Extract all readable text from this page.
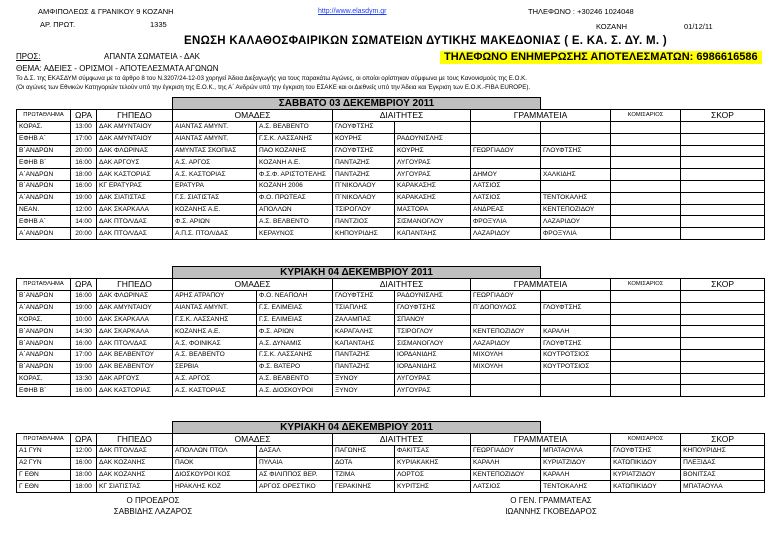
ΑΜΦΙΠΟΛΕΩΣ & ΓΡΑΝΙΚΟΥ 9 ΚΟΖΑΝΗ	http://www.elasdym.gr	ΤΗΛΕΦΩΝΟ : +30246 1024048
ΑΡ. ΠΡΩΤ.	1335	ΚΟΖΑΝΗ	01/12/11
ΕΝΩΣΗ ΚΑΛΑΘΟΣΦΑΙΡΙΚΩΝ ΣΩΜΑΤΕΙΩΝ ΔΥΤΙΚΗΣ ΜΑΚΕΔΟΝΙΑΣ ( Ε. ΚΑ. Σ. ΔΥ. Μ. )
ΠΡΟΣ:	ΑΠΑΝΤΑ ΣΩΜΑΤΕΙΑ - ΔΑΚ	ΤΗΛΕΦΩΝΟ ΕΝΗΜΕΡΩΣΗΣ ΑΠΟΤΕΛΕΣΜΑΤΩΝ: 6986616586
ΘΕΜΑ: ΑΔΕΙΕΣ - ΟΡΙΣΜΟΙ - ΑΠΟΤΕΛΕΣΜΑΤΑ ΑΓΩΝΩΝ
Το Δ.Σ. της ΕΚΑΣΔΥΜ σύμφωνα με τα άρθρο 8 του Ν.3207/24-12-03 χορηγεί Άδεια Διεξαγωγής για τους παρακάτω Αγώνες, οι οποίοι ορίστηκαν σύμφωνα με τους Κανονισμούς της Ε.Ο.Κ.
(Οι αγώνες των Εθνικών Κατηγοριών τελούν υπό την έγκριση της Ε.Ο.Κ., της Α΄ Ανδρών υπό την έγκριση του ΕΣΑΚΕ και οι Διεθνείς υπό την Άδεια και Έγκριση των Ε.Ο.Κ.-FIBA EUROPE).
			ΣΑΒΒΑΤΟ 03 ΔΕΚΕΜΒΡΙΟΥ 2011							
ΠΡΩΤΑΘΛΗΜΑ	ΩΡΑ	ΓΗΠΕΔΟ	ΟΜΑΔΕΣ		ΔΙΑΙΤΗΤΕΣ		ΓΡΑΜΜΑΤΕΙΑ		ΚΟΜΙΣΑΡΙΟΣ	ΣΚΟΡ
ΚΟΡΑΣ.	13:00	ΔΑΚ ΑΜΥΝΤΑΙΟΥ	ΑΙΑΝΤΑΣ ΑΜΥΝΤ.	Α.Σ. ΒΕΛΒΕΝΤΟ	ΓΛΟΥΦΤΣΗΣ					
ΕΦΗΒ Α΄	17:00	ΔΑΚ ΑΜΥΝΤΑΙΟΥ	ΑΙΑΝΤΑΣ ΑΜΥΝΤ.	Γ.Σ.Κ. ΛΑΣΣΑΝΗΣ	ΚΟΥΡΗΣ	ΡΑΔΟΥΝΙΣΛΗΣ				
Β΄ΑΝΔΡΩΝ	20:00	ΔΑΚ ΦΛΩΡΙΝΑΣ	ΑΜΥΝΤΑΣ ΣΚΟΠΙΑΣ	ΠΑΟ ΚΟΖΑΝΗΣ	ΓΛΟΥΦΤΣΗΣ	ΚΟΥΡΗΣ	ΓΕΩΡΓΙΑΔΟΥ	ΓΛΟΥΦΤΣΗΣ		
ΕΦΗΒ Β΄	16:00	ΔΑΚ ΑΡΓΟΥΣ	Α.Σ. ΑΡΓΟΣ	ΚΟΖΑΝΗ Α.Ε.	ΠΑΝΤΑΖΗΣ	ΛΥΓΟΥΡΑΣ				
Α΄ΑΝΔΡΩΝ	18:00	ΔΑΚ ΚΑΣΤΟΡΙΑΣ	Α.Σ. ΚΑΣΤΟΡΙΑΣ	Φ.Σ.Φ. ΑΡΙΣΤΟΤΕΛΗΣ	ΠΑΝΤΑΖΗΣ	ΛΥΓΟΥΡΑΣ	ΔΗΜΟΥ	ΧΑΛΚΙΔΗΣ		
Β΄ΑΝΔΡΩΝ	16:00	ΚΓ ΕΡΑΤΥΡΑΣ	ΕΡΑΤΥΡΑ	ΚΟΖΑΝΗ 2006	Π΄ΝΙΚΟΛΑΟΥ	ΚΑΡΑΚΑΣΗΣ	ΛΑΤΣΙΟΣ			
Α΄ΑΝΔΡΩΝ	19:00	ΔΑΚ ΣΙΑΤΙΣΤΑΣ	Γ.Σ. ΣΙΑΤΙΣΤΑΣ	Φ.Ο. ΠΡΩΤΕΑΣ	Π΄ΝΙΚΟΛΑΟΥ	ΚΑΡΑΚΑΣΗΣ	ΛΑΤΣΙΟΣ	ΤΕΝΤΟΚΑΛΗΣ		
ΝΕΑΝ.	12:00	ΔΑΚ ΣΚΑΡΚΑΛΑ	ΚΟΖΑΝΗΣ Α.Ε.	ΑΠΟΛΛΩΝ	ΤΣΙΡΟΓΛΟΥ	ΜΑΣΤΟΡΑ	ΑΝΔΡΕΑΣ	ΚΕΝΤΕΠΟΖΙΔΟΥ		
ΕΦΗΒ Α΄	14:00	ΔΑΚ ΠΤΟΛ/ΔΑΣ	Φ.Σ. ΑΡΙΩΝ	Α.Σ. ΒΕΛΒΕΝΤΟ	ΠΑΝΤΖΙΟΣ	ΣΙΣΜΑΝΟΓΛΟΥ	ΦΡΟΞΥΛΙΑ	ΛΑΖΑΡΙΔΟΥ		
Α΄ΑΝΔΡΩΝ	20:00	ΔΑΚ ΠΤΟΛ/ΔΑΣ	Α.Π.Σ. ΠΤΟΛ/ΔΑΣ	ΚΕΡΑΥΝΟΣ	ΚΗΠΟΥΡΙΔΗΣ	ΚΑΠΑΝΤΑΗΣ	ΛΑΖΑΡΙΔΟΥ	ΦΡΟΞΥΛΙΑ		
			ΚΥΡΙΑΚΗ 04 ΔΕΚΕΜΒΡΙΟΥ 2011							
ΠΡΩΤΑΘΛΗΜΑ	ΩΡΑ	ΓΗΠΕΔΟ	ΟΜΑΔΕΣ		ΔΙΑΙΤΗΤΕΣ		ΓΡΑΜΜΑΤΕΙΑ		ΚΟΜΙΣΑΡΙΟΣ	ΣΚΟΡ
Β΄ΑΝΔΡΩΝ	16:00	ΔΑΚ ΦΛΩΡΙΝΑΣ	ΑΡΗΣ ΑΤΡΑΠΟΥ	Φ.Ο. ΝΕΑΠΟΛΗ	ΓΛΟΥΦΤΣΗΣ	ΡΑΔΟΥΝΙΣΛΗΣ	ΓΕΩΡΓΙΑΔΟΥ			
Α΄ΑΝΔΡΩΝ	19:00	ΔΑΚ ΑΜΥΝΤΑΙΟΥ	ΑΙΑΝΤΑΣ ΑΜΥΝΤ.	Γ.Σ. ΕΛΙΜΕΙΑΣ	ΤΣΙΑΠΛΗΣ	ΓΛΟΥΦΤΣΗΣ	Π΄ΔΟΠΟΥΛΟΣ	ΓΛΟΥΦΤΣΗΣ		
ΚΟΡΑΣ.	10:00	ΔΑΚ ΣΚΑΡΚΑΛΑ	Γ.Σ.Κ. ΛΑΣΣΑΝΗΣ	Γ.Σ. ΕΛΙΜΕΙΑΣ	ΖΑΛΑΜΠΑΣ	ΣΠΑΝΟΥ				
Β΄ΑΝΔΡΩΝ	14:30	ΔΑΚ ΣΚΑΡΚΑΛΑ	ΚΟΖΑΝΗΣ Α.Ε.	Φ.Σ. ΑΡΙΩΝ	ΚΑΡΑΓΑΛΗΣ	ΤΣΙΡΟΓΛΟΥ	ΚΕΝΤΕΠΟΖΙΔΟΥ	ΚΑΡΑΛΗ		
Β΄ΑΝΔΡΩΝ	16:00	ΔΑΚ ΠΤΟΛ/ΔΑΣ	Α.Σ. ΦΟΙΝΙΚΑΣ	Α.Σ. ΔΥΝΑΜΙΣ	ΚΑΠΑΝΤΑΗΣ	ΣΙΣΜΑΝΟΓΛΟΥ	ΛΑΖΑΡΙΔΟΥ	ΓΛΟΥΦΤΣΗΣ		
Α΄ΑΝΔΡΩΝ	17:00	ΔΑΚ ΒΕΛΒΕΝΤΟΥ	Α.Σ. ΒΕΛΒΕΝΤΟ	Γ.Σ.Κ. ΛΑΣΣΑΝΗΣ	ΠΑΝΤΑΖΗΣ	ΙΟΡΔΑΝΙΔΗΣ	ΜΙΧΟΥΛΗ	ΚΟΥΤΡΟΤΣΙΟΣ		
Β΄ΑΝΔΡΩΝ	19:00	ΔΑΚ ΒΕΛΒΕΝΤΟΥ	ΣΕΡΒΙΑ	Φ.Σ. ΒΑΤΕΡΟ	ΠΑΝΤΑΖΗΣ	ΙΟΡΔΑΝΙΔΗΣ	ΜΙΧΟΥΛΗ	ΚΟΥΤΡΟΤΣΙΟΣ		
ΚΟΡΑΣ.	13:30	ΔΑΚ ΑΡΓΟΥΣ	Α.Σ. ΑΡΓΟΣ	Α.Σ. ΒΕΛΒΕΝΤΟ	ΞΥΝΟΥ	ΛΥΓΟΥΡΑΣ				
ΕΦΗΒ Β΄	16:00	ΔΑΚ ΚΑΣΤΟΡΙΑΣ	Α.Σ. ΚΑΣΤΟΡΙΑΣ	Α.Σ. ΔΙΟΣΚΟΥΡΟΙ	ΞΥΝΟΥ	ΛΥΓΟΥΡΑΣ				
			ΚΥΡΙΑΚΗ 04 ΔΕΚΕΜΒΡΙΟΥ 2011							
ΠΡΩΤΑΘΛΗΜΑ	ΩΡΑ	ΓΗΠΕΔΟ	ΟΜΑΔΕΣ		ΔΙΑΙΤΗΤΕΣ		ΓΡΑΜΜΑΤΕΙΑ		ΚΟΜΙΣΑΡΙΟΣ	ΣΚΟΡ
Α1 ΓΥΝ	12:00	ΔΑΚ ΠΤΟΛ/ΔΑΣ	ΑΠΟΛΛΩΝ ΠΤΟΛ	ΔΑΣΑΛ	ΠΑΓΩΝΗΣ	ΦΑΚΙΤΣΑΣ	ΓΕΩΡΓΙΑΔΟΥ	ΜΠΑΤΑΟΥΛΑ	ΓΛΟΥΦΤΣΗΣ	ΚΗΠΟΥΡΙΔΗΣ
Α2 ΓΥΝ	16:00	ΔΑΚ ΚΟΖΑΝΗΣ	ΠΑΟΚ	ΠΥΛΑΙΑ	ΔΟΤΑ	ΚΥΡΙΑΚΑΚΗΣ	ΚΑΡΑΛΗ	ΚΥΡΙΑΤΖΙΔΟΥ	ΚΑΤΩΠΙΚΙΔΟΥ	ΠΛΕΞΙΔΑΣ
Γ ΕΘΝ	18:00	ΔΑΚ ΚΟΖΑΝΗΣ	ΔΙΟΣΚΟΥΡΟΙ ΚΟΣ	ΑΣ ΦΙΛΙΠΠΟΣ ΒΕΡ.	ΤΖΙΜΑ	ΛΟΡΤΟΣ	ΚΕΝΤΕΠΟΖΙΔΟΥ	ΚΑΡΑΛΗ	ΚΥΡΙΑΤΖΙΔΟΥ	ΒΟΝΙΤΣΑΣ
Γ ΕΘΝ	18:00	ΚΓ ΣΙΑΤΙΣΤΑΣ	ΗΡΑΚΛΗΣ ΚΟΖ	ΑΡΓΟΣ ΟΡΕΣΤΙΚΟ	ΓΕΡΑΚΙΝΗΣ	ΚΥΡΙΤΣΗΣ	ΛΑΤΣΙΟΣ	ΤΕΝΤΟΚΑΛΗΣ	ΚΑΤΩΠΙΚΙΔΟΥ	ΜΠΑΤΑΟΥΛΑ
Ο ΠΡΟΕΔΡΟΣ
ΣΑΒΒΙΔΗΣ ΛΑΖΑΡΟΣ
Ο ΓΕΝ. ΓΡΑΜΜΑΤΕΑΣ
ΙΩΑΝΝΗΣ ΓΚΟΒΕΔΑΡΟΣ
